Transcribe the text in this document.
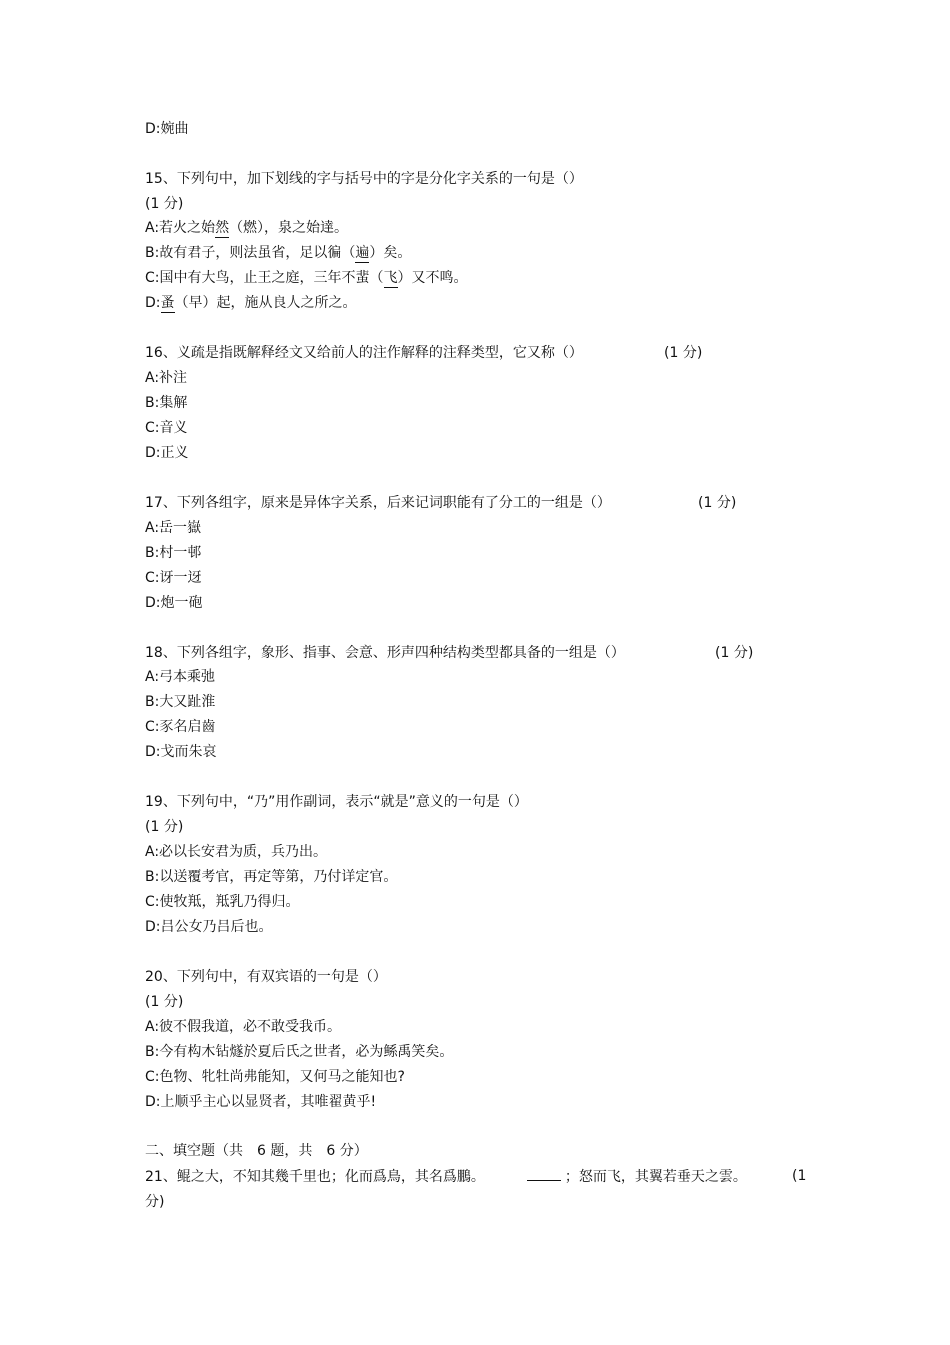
D:婉曲
15、下列句中，加下划线的字与括号中的字是分化字关系的一句是（）
(1 分)
A:若火之始然（燃），泉之始達。
B:故有君子，则法虽省，足以徧（遍）矣。
C:国中有大鸟，止王之庭，三年不蜚（飞）又不鸣。
D:蚤（早）起，施从良人之所之。
16、义疏是指既解释经文又给前人的注作解释的注释类型，它又称（）	(1 分)
A:补注
B:集解
C:音义
D:正义
17、下列各组字，原来是异体字关系，后来记词职能有了分工的一组是（）	(1 分)
A:岳一嶽
B:村一邨
C:讶一迓
D:炮一砲
18、下列各组字，象形、指事、会意、形声四种结构类型都具备的一组是（）	(1 分)
A:弓本乘弛
B:大又趾淮
C:豕名启齒
D:戈而朱哀
19、下列句中，“乃”用作副词，表示“就是”意义的一句是（）
(1 分)
A:必以长安君为质，兵乃出。
B:以送覆考官，再定等第，乃付详定官。
C:使牧羝，羝乳乃得归。
D:吕公女乃吕后也。
20、下列句中，有双宾语的一句是（）
(1 分)
A:彼不假我道，必不敢受我币。
B:今有构木钻燧於夏后氏之世者，必为鲧禹笑矣。
C:色物、牝牡尚弗能知，又何马之能知也?
D:上顺乎主心以显贤者，其唯翟黄乎!
二、填空题（共　6 题，共　6 分）
21、鲲之大，不知其幾千里也；化而爲鳥，其名爲鵬。	；怒而飞，其翼若垂天之雲。	(1
分)
